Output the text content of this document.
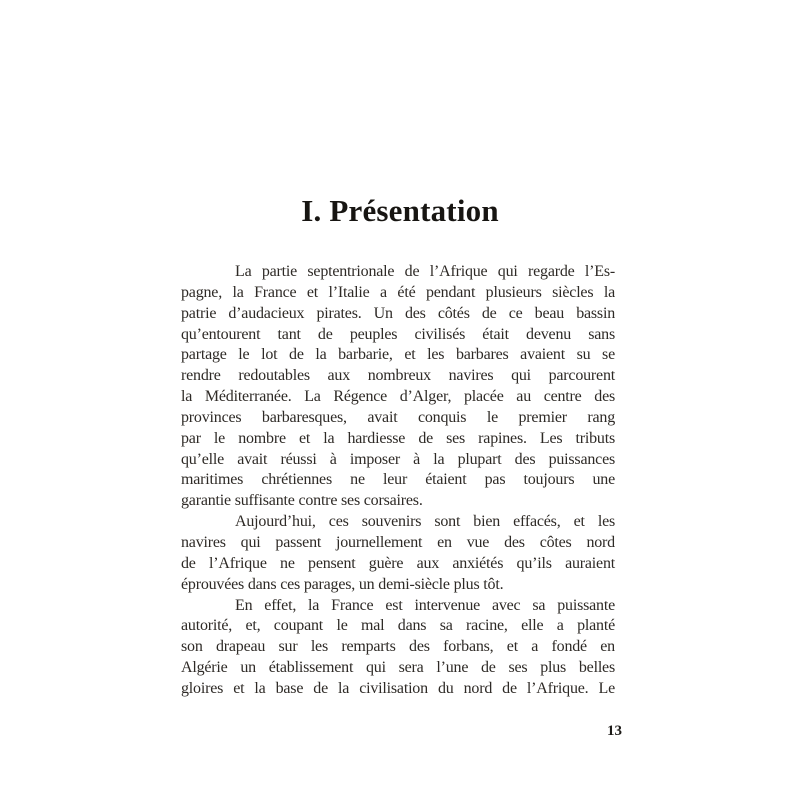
I. Présentation
La partie septentrionale de l’Afrique qui regarde l’Es-
pagne, la France et l’Italie a été pendant plusieurs siècles la
patrie d’audacieux pirates. Un des côtés de ce beau bassin
qu’entourent tant de peuples civilisés était devenu sans
partage le lot de la barbarie, et les barbares avaient su se
rendre redoutables aux nombreux navires qui parcourent
la Méditerranée. La Régence d’Alger, placée au centre des
provinces barbaresques, avait conquis le premier rang
par le nombre et la hardiesse de ses rapines. Les tributs
qu’elle avait réussi à imposer à la plupart des puissances
maritimes chrétiennes ne leur étaient pas toujours une
garantie suffisante contre ses corsaires.
Aujourd’hui, ces souvenirs sont bien effacés, et les
navires qui passent journellement en vue des côtes nord
de l’Afrique ne pensent guère aux anxiétés qu’ils auraient
éprouvées dans ces parages, un demi-siècle plus tôt.
En effet, la France est intervenue avec sa puissante
autorité, et, coupant le mal dans sa racine, elle a planté
son drapeau sur les remparts des forbans, et a fondé en
Algérie un établissement qui sera l’une de ses plus belles
gloires et la base de la civilisation du nord de l’Afrique. Le
13
